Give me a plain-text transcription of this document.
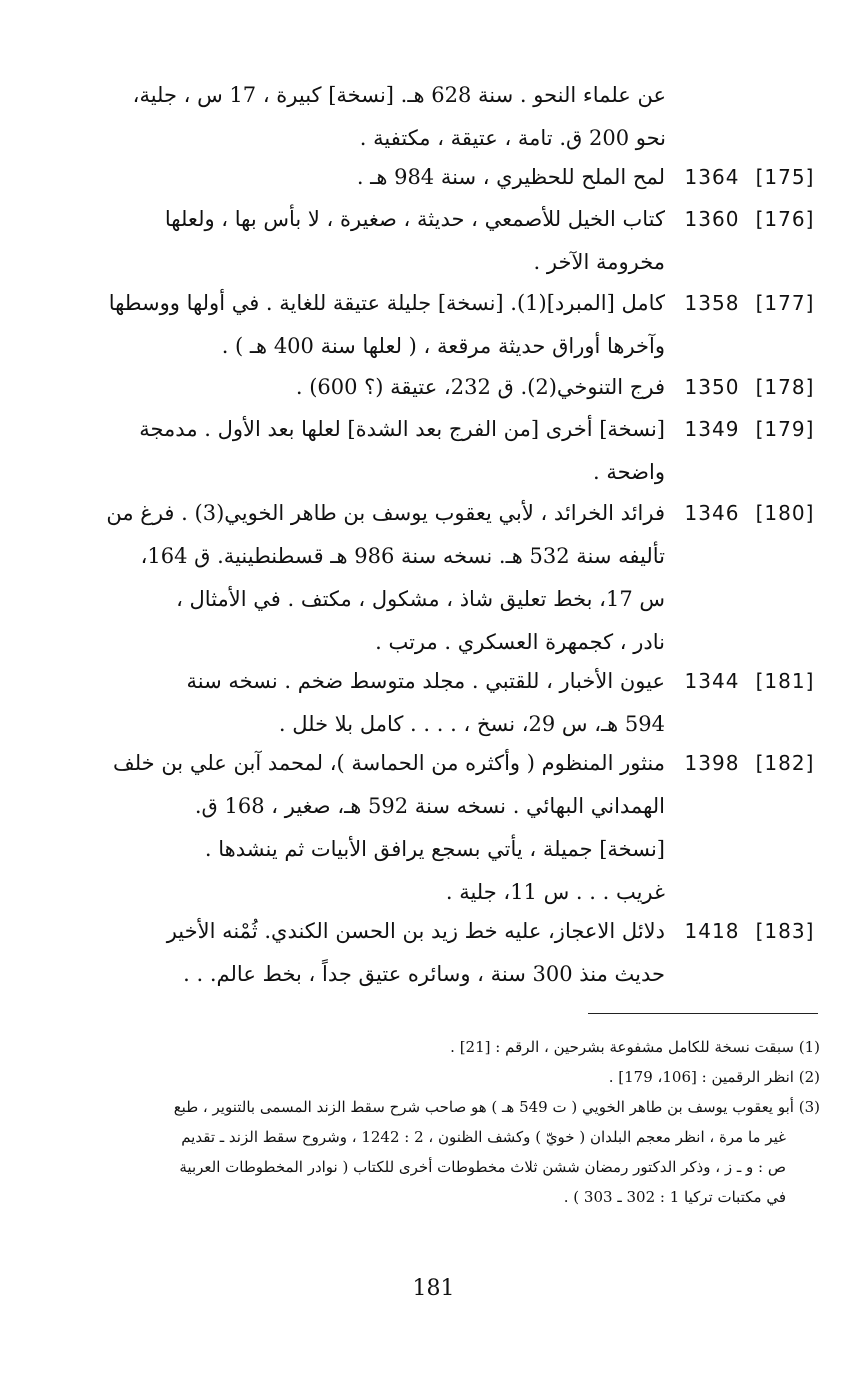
عن علماء النحو . سنة 628 هـ. [نسخة] كبيرة ، 17 س ، جلية،

نحو 200 ق. تامة ، عتيقة ، مكتفية .

[175]
1364

لمح الملح للحظيري ، سنة 984 هـ .

[176]
1360

كتاب الخيل للأصمعي ، حديثة ، صغيرة ، لا بأس بها ، ولعلها

مخرومة الآخر .

[177]
1358

كامل [المبرد](1). [نسخة] جليلة عتيقة للغاية . في أولها ووسطها

وآخرها أوراق حديثة مرقعة ، ( لعلها سنة 400 هـ ) .

[178]
1350

فرج التنوخي(2). ق 232، عتيقة (؟ 600) .

[179]
1349

[نسخة] أخرى [من الفرج بعد الشدة] لعلها بعد الأول . مدمجة

واضحة .

[180]
1346

فرائد الخرائد ، لأبي يعقوب يوسف بن طاهر الخويي(3) . فرغ من

تأليفه سنة 532 هـ. نسخه سنة 986 هـ قسطنطينية. ق 164،

س 17، بخط تعليق شاذ ، مشكول ، مكتف . في الأمثال ،

نادر ، كجمهرة العسكري . مرتب .

[181]
1344

عيون الأخبار ، للقتبي . مجلد متوسط ضخم . نسخه سنة

594 هـ، س 29، نسخ ، . . . . كامل بلا خلل .

[182]
1398

منثور المنظوم ( وأكثره من الحماسة )، لمحمد آبن علي بن خلف

الهمداني البهائي . نسخه سنة 592 هـ، صغير ، 168 ق.

[نسخة] جميلة ، يأتي بسجع يرافق الأبيات ثم ينشدها .

غريب . . . س 11، جلية .

[183]
1418

دلائل الاعجاز، عليه خط زيد بن الحسن الكندي. ثُمْنه الأخير

حديث منذ 300 سنة ، وسائره عتيق جداً ، بخط عالم. . .

(1) سبقت نسخة للكامل مشفوعة بشرحين ، الرقم : [21] .

(2) انظر الرقمين : [106، 179] .

(3) أبو يعقوب يوسف بن طاهر الخويي ( ت 549 هـ ) هو صاحب شرح سقط الزند المسمى بالتنوير ، طبع

غير ما مرة ، انظر معجم البلدان ( خويّ ) وكشف الظنون ، 2 : 1242 ، وشروح سقط الزند ـ تقديم

ص : و ـ ز ، وذكر الدكتور رمضان ششن ثلاث مخطوطات أخرى للكتاب ( نوادر المخطوطات العربية

في مكتبات تركيا 1 : 302 ـ 303 ) .

181
